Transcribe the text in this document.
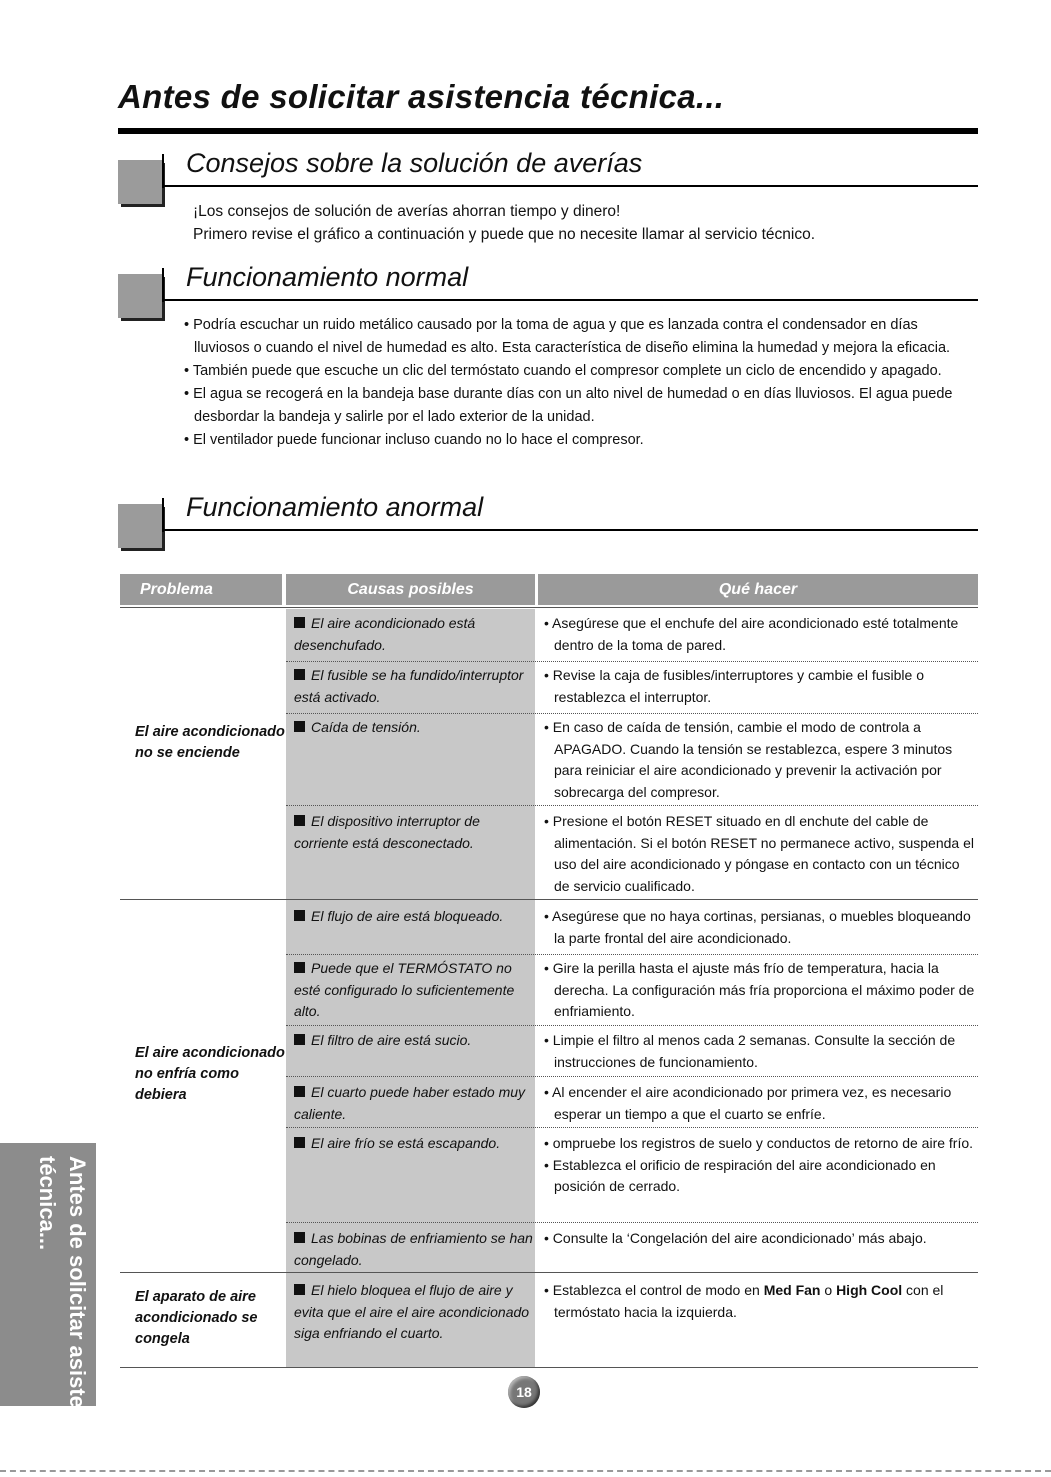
Antes de solicitar asistencia técnica...
Consejos sobre la solución de averías
¡Los consejos de solución de averías ahorran tiempo y dinero!
Primero revise el gráfico a continuación y puede que no necesite llamar al servicio técnico.
Funcionamiento normal
• Podría escuchar un ruido metálico causado por la toma de agua y que es lanzada contra el condensador en días lluviosos o cuando el nivel de humedad es alto. Esta característica de diseño elimina la humedad y mejora la eficacia.
• También puede que escuche un clic del termóstato cuando el compresor complete un ciclo de encendido y apagado.
• El agua se recogerá en la bandeja base durante días con un alto nivel de humedad o en días lluviosos. El agua puede desbordar la bandeja y salirle por el lado exterior de la unidad.
• El ventilador puede funcionar incluso cuando no lo hace el compresor.
Funcionamiento anormal
Problema	Causas posibles	Qué hacer
El aire acondicionado no se enciende
El aire acondicionado no enfría como debiera
El aparato de aire acondicionado se congela
El aire acondicionado está desenchufado.
El fusible se ha fundido/interruptor está activado.
Caída de tensión.
El dispositivo interruptor de corriente está desconectado.
El flujo de aire está bloqueado.
Puede que el TERMÓSTATO no esté configurado lo suficientemente alto.
El filtro de aire está sucio.
El cuarto puede haber estado muy caliente.
El aire frío se está escapando.
Las bobinas de enfriamiento se han congelado.
El hielo bloquea el flujo de aire y evita que el aire el aire acondicionado siga enfriando el cuarto.
• Asegúrese que el enchufe del aire acondicionado esté totalmente dentro de la toma de pared.
• Revise la caja de fusibles/interruptores y cambie el fusible o restablezca el interruptor.
• En caso de caída de tensión, cambie el modo de controla a APAGADO. Cuando la tensión se restablezca, espere 3 minutos para reiniciar el aire acondicionado y prevenir la activación por sobrecarga del compresor.
• Presione el botón RESET situado en dl enchute del cable de alimentación. Si el botón RESET no permanece activo, suspenda el uso del aire acondicionado y póngase en contacto con un técnico de servicio cualificado.
• Asegúrese que no haya cortinas, persianas, o muebles bloqueando la parte frontal del aire acondicionado.
• Gire la perilla hasta el ajuste más frío de temperatura, hacia la derecha. La configuración más fría proporciona el máximo poder de enfriamiento.
• Limpie el filtro al menos cada 2 semanas. Consulte la sección de instrucciones de funcionamiento.
• Al encender el aire acondicionado por primera vez, es necesario esperar un tiempo a que el cuarto se enfríe.
• ompruebe los registros de suelo y conductos de retorno de aire frío.
• Establezca el orificio de respiración del aire acondicionado en posición de cerrado.
• Consulte la ‘Congelación del aire acondicionado’ más abajo.
• Establezca el control de modo en Med Fan o High Cool con el termóstato hacia la izquierda.
18
Antes de solicitar asistencia
técnica...
